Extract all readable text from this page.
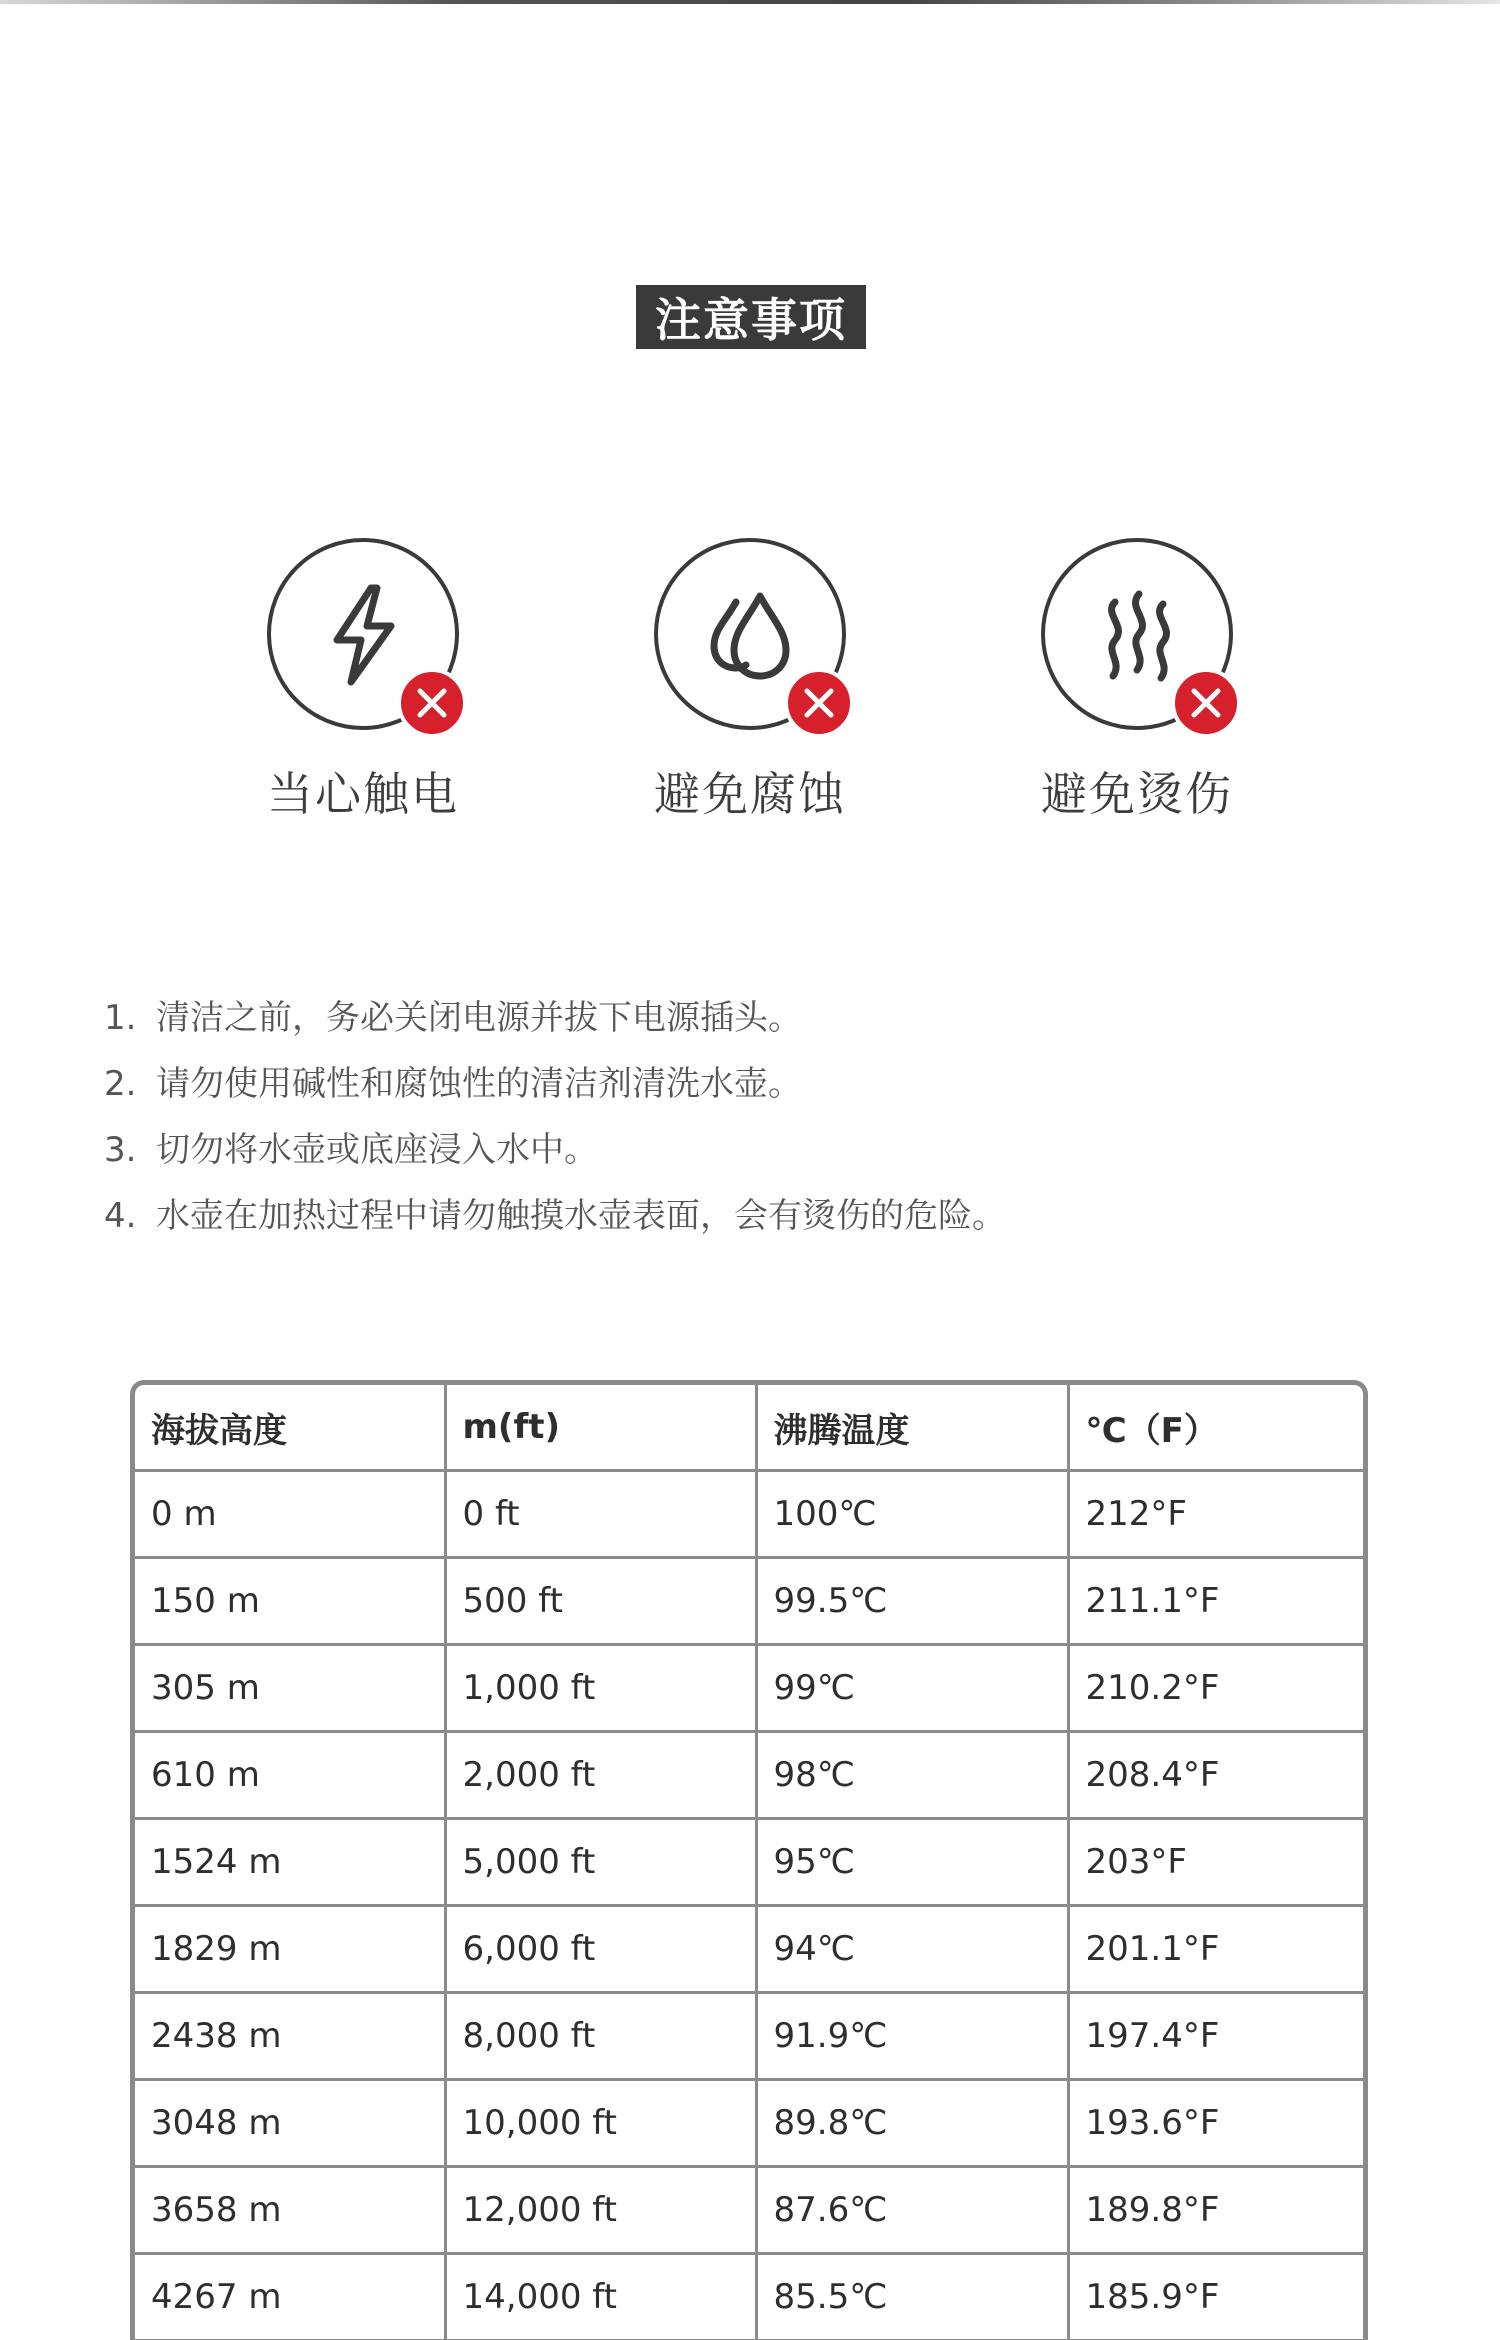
注意事项
当心触电	避免腐蚀	避免烫伤
1. 清洁之前，务必关闭电源并拔下电源插头。
2. 请勿使用碱性和腐蚀性的清洁剂清洗水壶。
3. 切勿将水壶或底座浸入水中。
4. 水壶在加热过程中请勿触摸水壶表面，会有烫伤的危险。
海拔高度	m(ft)	沸腾温度	℃（F）
0 m	0 ft	100℃	212°F
150 m	500 ft	99.5℃	211.1°F
305 m	1,000 ft	99℃	210.2°F
610 m	2,000 ft	98℃	208.4°F
1524 m	5,000 ft	95℃	203°F
1829 m	6,000 ft	94℃	201.1°F
2438 m	8,000 ft	91.9℃	197.4°F
3048 m	10,000 ft	89.8℃	193.6°F
3658 m	12,000 ft	87.6℃	189.8°F
4267 m	14,000 ft	85.5℃	185.9°F
